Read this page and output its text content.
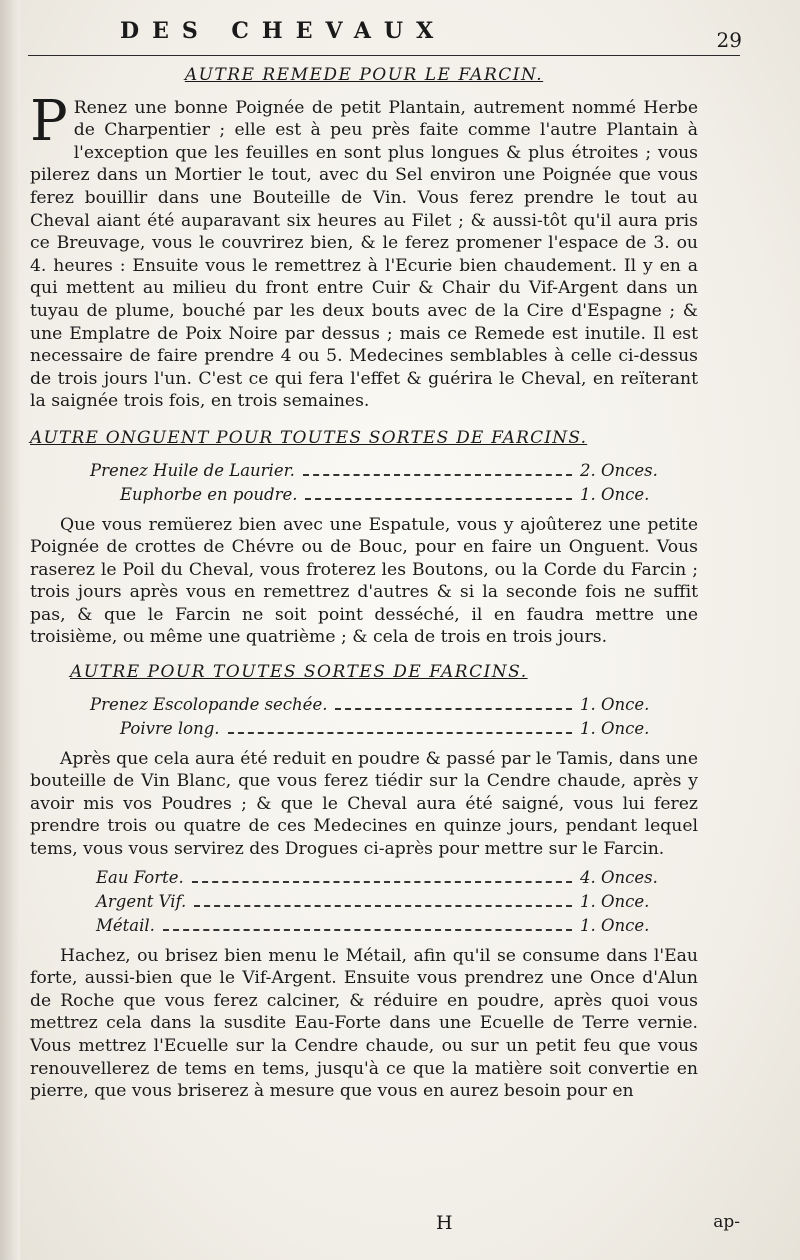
DES CHEVAUX	29
AUTRE REMEDE POUR LE FARCIN.

P Renez une bonne Poignée de petit Plantain, autrement nommé Herbe de Charpentier ; elle est à peu près faite comme l'autre Plantain à l'exception que les feuilles en sont plus longues & plus étroites ; vous pilerez dans un Mortier le tout, avec du Sel environ une Poignée que vous ferez bouillir dans une Bouteille de Vin. Vous ferez prendre le tout au Cheval aiant été auparavant six heures au Filet ; & aussi-tôt qu'il aura pris ce Breuvage, vous le couvrirez bien, & le ferez promener l'espace de 3. ou 4. heures : Ensuite vous le remettrez à l'Ecurie bien chaudement. Il y en a qui mettent au milieu du front entre Cuir & Chair du Vif-Argent dans un tuyau de plume, bouché par les deux bouts avec de la Cire d'Espagne ; & une Emplatre de Poix Noire par dessus ; mais ce Remede est inutile. Il est necessaire de faire prendre 4 ou 5. Medecines semblables à celle ci-dessus de trois jours l'un. C'est ce qui fera l'effet & guérira le Cheval, en reïterant la saignée trois fois, en trois semaines.

AUTRE ONGUENT POUR TOUTES SORTES DE FARCINS.
Prenez Huile de Laurier.	2. Onces.
Euphorbe en poudre.	1. Once.

Que vous remüerez bien avec une Espatule, vous y ajoûterez une petite Poignée de crottes de Chévre ou de Bouc, pour en faire un Onguent. Vous raserez le Poil du Cheval, vous froterez les Boutons, ou la Corde du Farcin ; trois jours après vous en remettrez d'autres & si la seconde fois ne suffit pas, & que le Farcin ne soit point desséché, il en faudra mettre une troisième, ou même une quatrième ; & cela de trois en trois jours.

AUTRE POUR TOUTES SORTES DE FARCINS.
Prenez Escolopande sechée.	1. Once.
Poivre long.	1. Once.

Après que cela aura été reduit en poudre & passé par le Tamis, dans une bouteille de Vin Blanc, que vous ferez tiédir sur la Cendre chaude, après y avoir mis vos Poudres ; & que le Cheval aura été saigné, vous lui ferez prendre trois ou quatre de ces Medecines en quinze jours, pendant lequel tems, vous vous servirez des Drogues ci-après pour mettre sur le Farcin.

Eau Forte.	4. Onces.
Argent Vif.	1. Once.
Métail.	1. Once.

Hachez, ou brisez bien menu le Métail, afin qu'il se consume dans l'Eau forte, aussi-bien que le Vif-Argent. Ensuite vous prendrez une Once d'Alun de Roche que vous ferez calciner, & réduire en poudre, après quoi vous mettrez cela dans la susdite Eau-Forte dans une Ecuelle de Terre vernie. Vous mettrez l'Ecuelle sur la Cendre chaude, ou sur un petit feu que vous renouvellerez de tems en tems, jusqu'à ce que la matière soit convertie en pierre, que vous briserez à mesure que vous en aurez besoin pour en

H	ap-
